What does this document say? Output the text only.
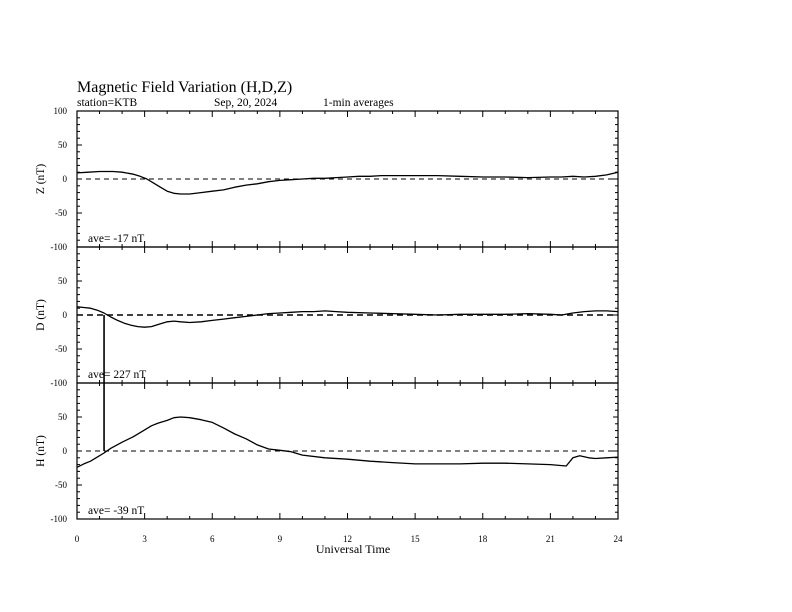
Magnetic Field Variation (H,D,Z)
station=KTB	Sep, 20, 2024	1-min averages
100
50
0
-50
-100
Z (nT)
ave= -17 nT
50
0
-50
-100
D (nT)
ave= 227 nT
50
0
-50
-100
H (nT)
ave= -39 nT
0	3	6	9	12	15	18	21	24
Universal Time
